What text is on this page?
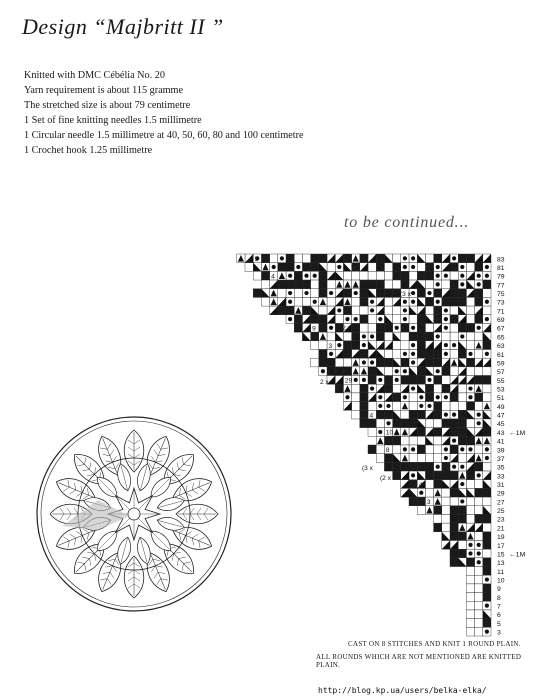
Design “Majbritt II ”
Knitted with DMC Cébélia No. 20
Yarn requirement is about 115 gramme
The stretched size is about 79 centimetre
1 Set of fine knitting needles 1.5 millimetre
1 Circular needle 1.5 millimetre at 40, 50, 60, 80 and 100 centimetre
1 Crochet hook 1.25 millimetre
to be continued...
5
4
2
7
9
3
12
29
6
4
10
8
5
4
3
4
83
81
79
77
75
73
71
69
67
65
63
61
59
57
55
53
51
49
47
45
43
41
39
37
35
33
31
29
27
25
23
21
19
17
15
13
11
10
9
8
7
6
5
3
(3 x
(2 x
2 x
(3 x
(2 x
←1M
←1M
CAST ON 8 STITCHES AND KNIT 1 ROUND PLAIN.
ALL ROUNDS WHICH ARE NOT MENTIONED ARE KNITTED PLAIN.
http://blog.kp.ua/users/belka-elka/
